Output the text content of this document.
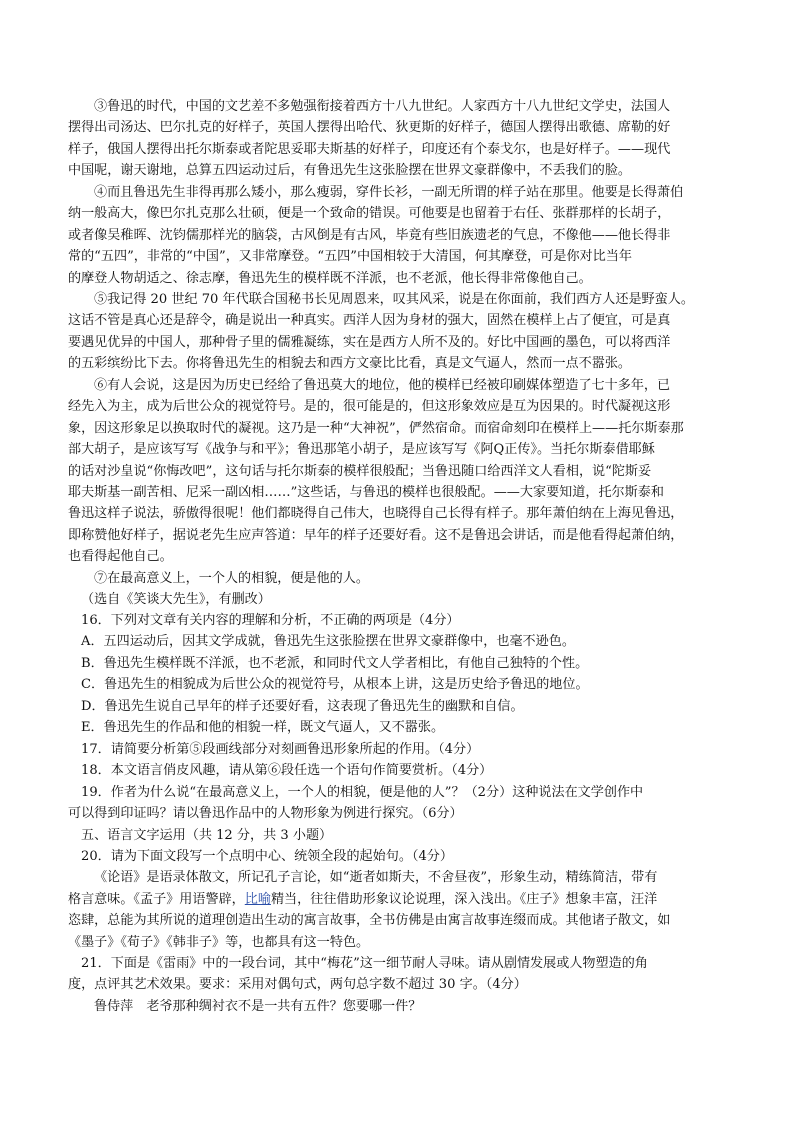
③鲁迅的时代，中国的文艺差不多勉强衔接着西方十八九世纪。人家西方十八九世纪文学史，法国人
摆得出司汤达、巴尔扎克的好样子，英国人摆得出哈代、狄更斯的好样子，德国人摆得出歌德、席勒的好
样子，俄国人摆得出托尔斯泰或者陀思妥耶夫斯基的好样子，印度还有个泰戈尔，也是好样子。——现代
中国呢，谢天谢地，总算五四运动过后，有鲁迅先生这张脸摆在世界文豪群像中，不丢我们的脸。
④而且鲁迅先生非得再那么矮小，那么瘦弱，穿件长衫，一副无所谓的样子站在那里。他要是长得萧伯
纳一般高大，像巴尔扎克那么壮硕，便是一个致命的错误。可他要是也留着于右任、张群那样的长胡子，
或者像吴稚晖、沈钧儒那样光的脑袋，古风倒是有古风，毕竟有些旧族遗老的气息，不像他——他长得非
常的“五四”，非常的“中国”，又非常摩登。“五四”中国相较于大清国，何其摩登，可是你对比当年
的摩登人物胡适之、徐志摩，鲁迅先生的模样既不洋派，也不老派，他长得非常像他自己。
⑤我记得 20 世纪 70 年代联合国秘书长见周恩来，叹其风采，说是在你面前，我们西方人还是野蛮人。
这话不管是真心还是辞令，确是说出一种真实。西洋人因为身材的强大，固然在模样上占了便宜，可是真
要遇见优异的中国人，那种骨子里的儒雅凝练，实在是西方人所不及的。好比中国画的墨色，可以将西洋
的五彩缤纷比下去。你将鲁迅先生的相貌去和西方文豪比比看，真是文气逼人，然而一点不嚣张。
⑥有人会说，这是因为历史已经给了鲁迅莫大的地位，他的模样已经被印刷媒体塑造了七十多年，已
经先入为主，成为后世公众的视觉符号。是的，很可能是的，但这形象效应是互为因果的。时代凝视这形
象，因这形象足以换取时代的凝视。这乃是一种“大神祝”，俨然宿命。而宿命刻印在模样上——托尔斯泰那
部大胡子，是应该写写《战争与和平》；鲁迅那笔小胡子，是应该写写《阿Q正传》。当托尔斯泰借耶稣
的话对沙皇说“你悔改吧”，这句话与托尔斯泰的模样很般配；当鲁迅随口给西洋文人看相，说“陀斯妥
耶夫斯基一副苦相、尼采一副凶相……”这些话，与鲁迅的模样也很般配。——大家要知道，托尔斯泰和
鲁迅这样子说法，骄傲得很呢！他们都晓得自己伟大，也晓得自己长得有样子。那年萧伯纳在上海见鲁迅，
即称赞他好样子，据说老先生应声答道：早年的样子还要好看。这不是鲁迅会讲话，而是他看得起萧伯纳，
也看得起他自己。
⑦在最高意义上，一个人的相貌，便是他的人。
（选自《笑谈大先生》，有删改）
16．下列对文章有关内容的理解和分析，不正确的两项是（4分）
A．五四运动后，因其文学成就，鲁迅先生这张脸摆在世界文豪群像中，也毫不逊色。
B．鲁迅先生模样既不洋派，也不老派，和同时代文人学者相比，有他自己独特的个性。
C．鲁迅先生的相貌成为后世公众的视觉符号，从根本上讲，这是历史给予鲁迅的地位。
D．鲁迅先生说自己早年的样子还要好看，这表现了鲁迅先生的幽默和自信。
E．鲁迅先生的作品和他的相貌一样，既文气逼人，又不嚣张。
17．请简要分析第⑤段画线部分对刻画鲁迅形象所起的作用。（4分）
18．本文语言俏皮风趣，请从第⑥段任选一个语句作简要赏析。（4分）
19．作者为什么说“在最高意义上，一个人的相貌，便是他的人”？（2分）这种说法在文学创作中
可以得到印证吗？请以鲁迅作品中的人物形象为例进行探究。（6分）
五、语言文字运用（共 12 分，共 3 小题）
20．请为下面文段写一个点明中心、统领全段的起始句。（4分）
《论语》是语录体散文，所记孔子言论，如“逝者如斯夫，不舍昼夜”，形象生动，精练简洁，带有
格言意味。《孟子》用语警辟，比喻精当，往往借助形象议论说理，深入浅出。《庄子》想象丰富，汪洋
恣肆，总能为其所说的道理创造出生动的寓言故事，全书仿佛是由寓言故事连缀而成。其他诸子散文，如
《墨子》《荀子》《韩非子》等，也都具有这一特色。
21．下面是《雷雨》中的一段台词，其中“梅花”这一细节耐人寻味。请从剧情发展或人物塑造的角
度，点评其艺术效果。要求：采用对偶句式，两句总字数不超过 30 字。（4分）
鲁侍萍　老爷那种绸衬衣不是一共有五件？您要哪一件？
